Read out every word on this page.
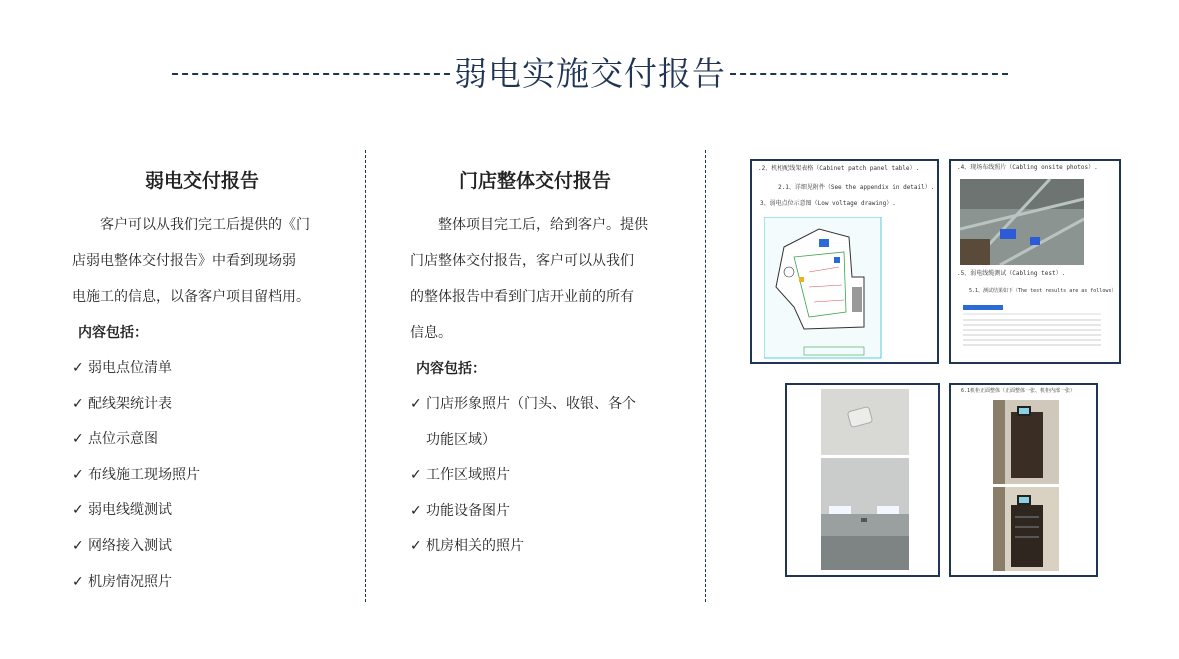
弱电实施交付报告
弱电交付报告

客户可以从我们完工后提供的《门
店弱电整体交付报告》中看到现场弱
电施工的信息，以备客户项目留档用。

内容包括：
✓ 弱电点位清单
✓ 配线架统计表
✓ 点位示意图
✓ 布线施工现场照片
✓ 弱电线缆测试
✓ 网络接入测试
✓ 机房情况照片
门店整体交付报告

整体项目完工后，给到客户。提供
门店整体交付报告，客户可以从我们
的整体报告中看到门店开业前的所有
信息。

内容包括：
✓ 门店形象照片（门头、收银、各个
功能区域）
✓ 工作区域照片
✓ 功能设备图片
✓ 机房相关的照片
.2、机柜配线架表格（Cabinet patch panel table）.
2.1、详细见附件（See the appendix in detail）.
3、弱电点位示意图（Low voltage drawing）.
.4、现场布线照片（Cabling onsite photos）.
.5、弱电线缆测试（Cabling test）.
5.1、测试结果如下（The test results are as follows）
6.1机柜正面整体（正面整体一张、机柜内部一张）
